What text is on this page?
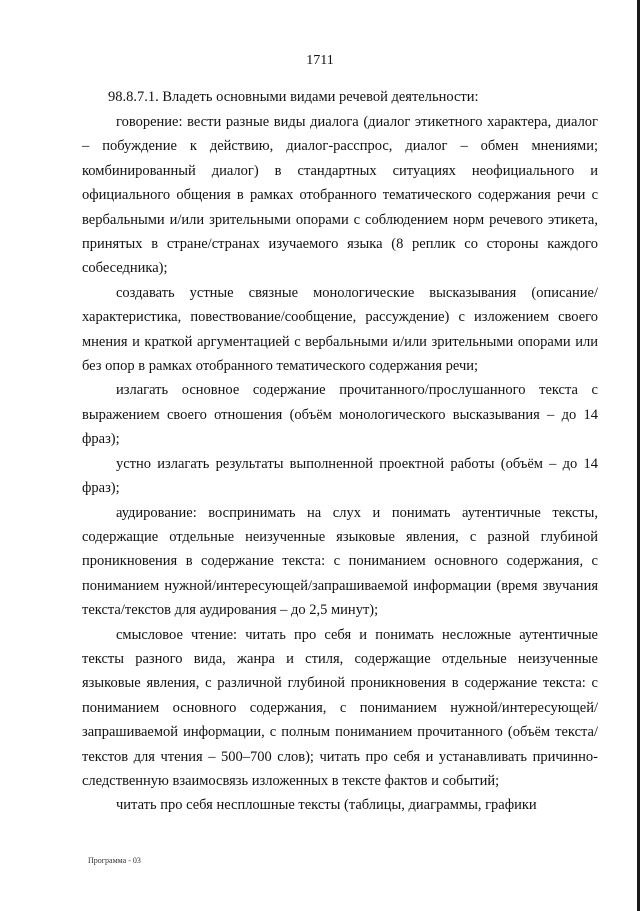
1711
98.8.7.1. Владеть основными видами речевой деятельности:

говорение: вести разные виды диалога (диалог этикетного характера, диалог – побуждение к действию, диалог-расспрос, диалог – обмен мнениями; комбинированный диалог) в стандартных ситуациях неофициального и официального общения в рамках отобранного тематического содержания речи с вербальными и/или зрительными опорами с соблюдением норм речевого этикета, принятых в стране/странах изучаемого языка (8 реплик со стороны каждого собеседника);

создавать устные связные монологические высказывания (описание/характеристика, повествование/сообщение, рассуждение) с изложением своего мнения и краткой аргументацией с вербальными и/или зрительными опорами или без опор в рамках отобранного тематического содержания речи;

излагать основное содержание прочитанного/прослушанного текста с выражением своего отношения (объём монологического высказывания – до 14 фраз);

устно излагать результаты выполненной проектной работы (объём – до 14 фраз);

аудирование: воспринимать на слух и понимать аутентичные тексты, содержащие отдельные неизученные языковые явления, с разной глубиной проникновения в содержание текста: с пониманием основного содержания, с пониманием нужной/интересующей/запрашиваемой информации (время звучания текста/текстов для аудирования – до 2,5 минут);

смысловое чтение: читать про себя и понимать несложные аутентичные тексты разного вида, жанра и стиля, содержащие отдельные неизученные языковые явления, с различной глубиной проникновения в содержание текста: с пониманием основного содержания, с пониманием нужной/интересующей/запрашиваемой информации, с полным пониманием прочитанного (объём текста/текстов для чтения – 500–700 слов); читать про себя и устанавливать причинно-следственную взаимосвязь изложенных в тексте фактов и событий;

читать про себя несплошные тексты (таблицы, диаграммы, графики

Программа - 03
